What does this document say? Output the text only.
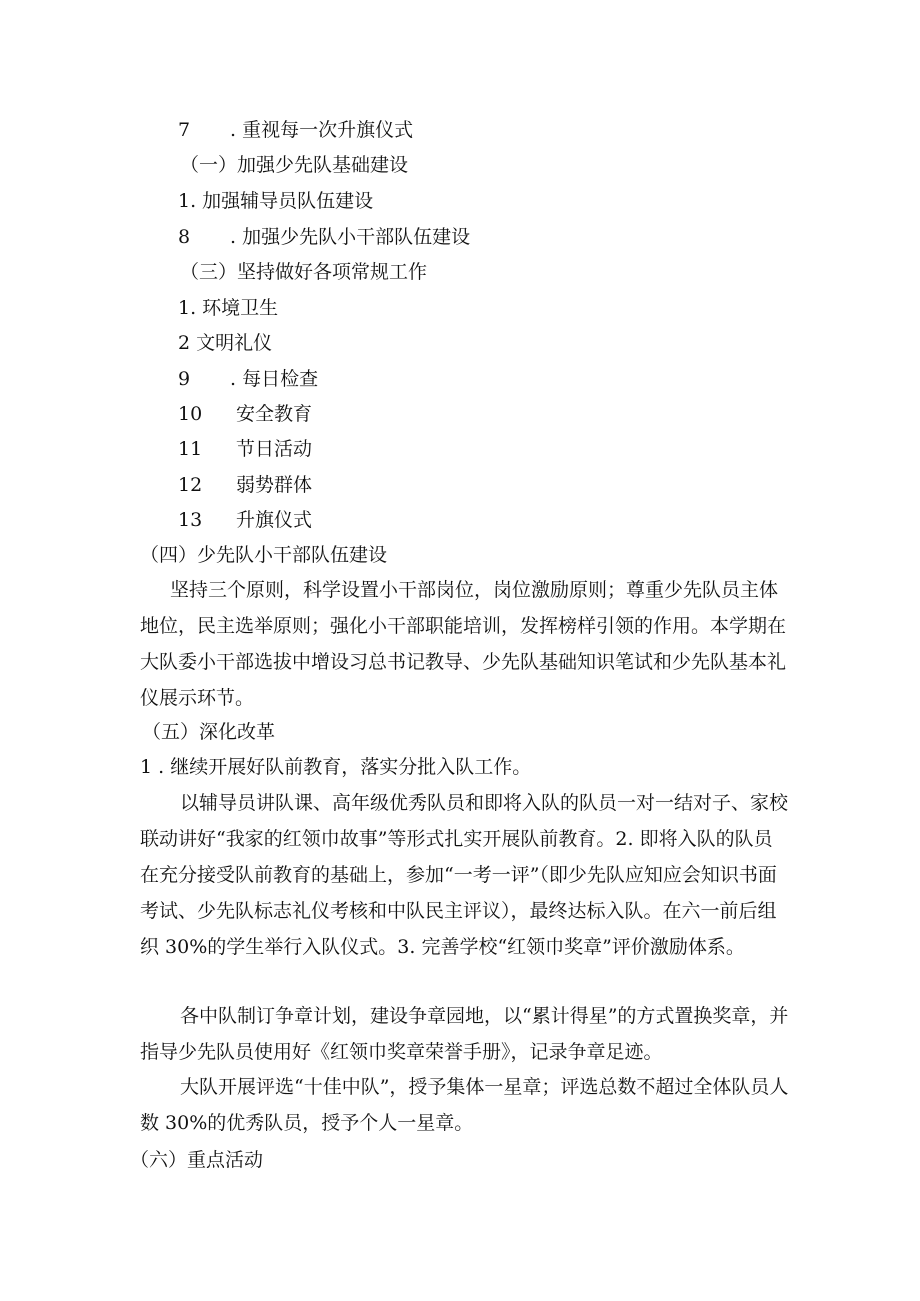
7 . 重视每一次升旗仪式
（一）加强少先队基础建设
1. 加强辅导员队伍建设
8 . 加强少先队小干部队伍建设
（三）坚持做好各项常规工作
1. 环境卫生
2 文明礼仪
9 . 每日检查
10 安全教育
11 节日活动
12 弱势群体
13 升旗仪式
（四）少先队小干部队伍建设

坚持三个原则，科学设置小干部岗位，岗位激励原则；尊重少先队员主体地位，民主选举原则；强化小干部职能培训，发挥榜样引领的作用。本学期在大队委小干部选拔中增设习总书记教导、少先队基础知识笔试和少先队基本礼仪展示环节。

（五）深化改革
1 . 继续开展好队前教育，落实分批入队工作。

以辅导员讲队课、高年级优秀队员和即将入队的队员一对一结对子、家校联动讲好“我家的红领巾故事”等形式扎实开展队前教育。2. 即将入队的队员在充分接受队前教育的基础上，参加“一考一评”（即少先队应知应会知识书面考试、少先队标志礼仪考核和中队民主评议），最终达标入队。在六一前后组织 30%的学生举行入队仪式。3. 完善学校“红领巾奖章”评价激励体系。

各中队制订争章计划，建设争章园地，以“累计得星”的方式置换奖章，并指导少先队员使用好《红领巾奖章荣誉手册》，记录争章足迹。

大队开展评选“十佳中队”，授予集体一星章；评选总数不超过全体队员人数 30%的优秀队员，授予个人一星章。

（六）重点活动
